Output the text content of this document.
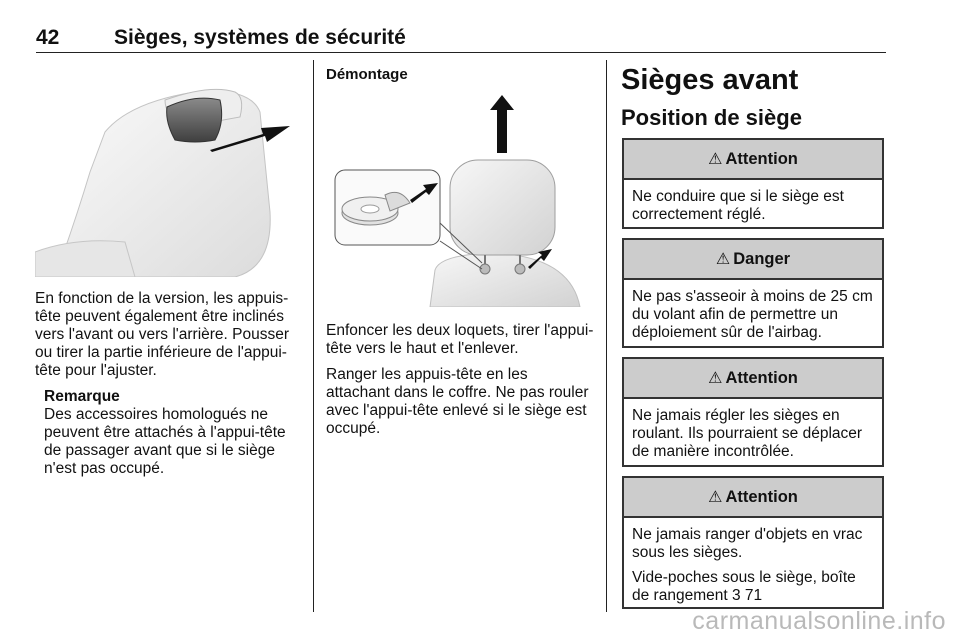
42	Sièges, systèmes de sécurité

En fonction de la version, les appuis-tête peuvent également être inclinés vers l'avant ou vers l'arrière. Pousser ou tirer la partie inférieure de l'appui-tête pour l'ajuster.

Remarque
Des accessoires homologués ne peuvent être attachés à l'appui-tête de passager avant que si le siège n'est pas occupé.
Démontage

Enfoncer les deux loquets, tirer l'appui-tête vers le haut et l'enlever.

Ranger les appuis-tête en les attachant dans le coffre. Ne pas rouler avec l'appui-tête enlevé si le siège est occupé.

Sièges avant
Position de siège
⚠ Attention

Ne conduire que si le siège est correctement réglé.

⚠ Danger

Ne pas s'asseoir à moins de 25 cm du volant afin de permettre un déploiement sûr de l'airbag.

⚠ Attention

Ne jamais régler les sièges en roulant. Ils pourraient se déplacer de manière incontrôlée.

⚠ Attention

Ne jamais ranger d'objets en vrac sous les sièges.

Vide-poches sous le siège, boîte de rangement 3 71

carmanualsonline.info
